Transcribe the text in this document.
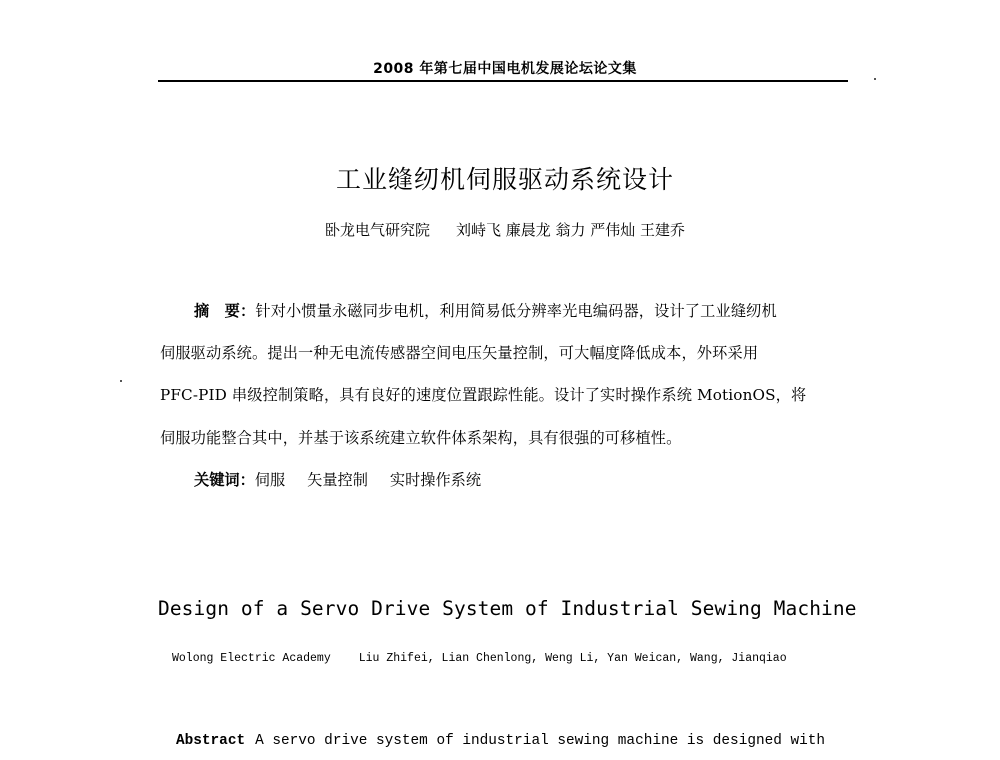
2008 年第七届中国电机发展论坛论文集
工业缝纫机伺服驱动系统设计
卧龙电气研究院 刘峙飞 廉晨龙 翁力 严伟灿 王建乔
摘　要：针对小惯量永磁同步电机，利用简易低分辨率光电编码器，设计了工业缝纫机
伺服驱动系统。提出一种无电流传感器空间电压矢量控制，可大幅度降低成本，外环采用
PFC-PID 串级控制策略，具有良好的速度位置跟踪性能。设计了实时操作系统 MotionOS，将
伺服功能整合其中，并基于该系统建立软件体系架构，具有很强的可移植性。
关键词：伺服 矢量控制 实时操作系统
Design of a Servo Drive System of Industrial Sewing Machine
Wolong Electric Academy Liu Zhifei, Lian Chenlong, Weng Li, Yan Weican, Wang, Jianqiao
Abstract A servo drive system of industrial sewing machine is designed with
